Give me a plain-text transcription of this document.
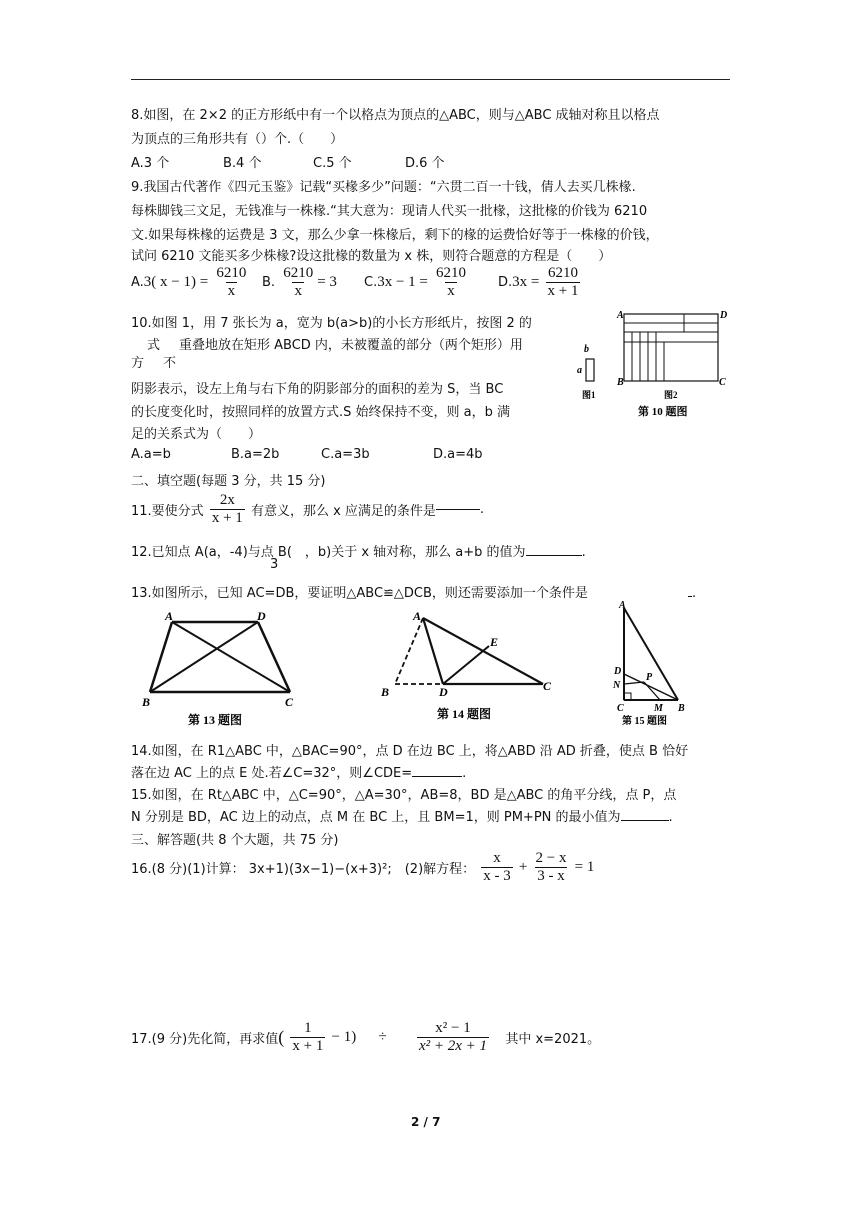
8.如图，在 2×2 的正方形纸中有一个以格点为顶点的△ABC，则与△ABC 成轴对称且以格点
为顶点的三角形共有（）个.（　　）
A.3 个	B.4 个	C.5 个	D.6 个
9.我国古代著作《四元玉鉴》记载“买椽多少”问题：“六贯二百一十钱，倩人去买几株椽.
每株脚钱三文足，无钱准与一株椽.“其大意为：现请人代买一批椽，这批椽的价钱为 6210
文.如果每株椽的运费是 3 文，那么少拿一株椽后，剩下的椽的运费恰好等于一株椽的价钱，
试问 6210 文能买多少株椽?设这批椽的数量为 x 株，则符合题意的方程是（　　）
A.3( $x - 1) = \frac{6210}{x} B$. $\frac{6210}{x} = 3$ $C.3x - 1 = \frac{6210}{x} D.3x = \frac{6210}{x + 1}$
10.如图 1，用 7 张长为 a，宽为 b(a>b)的小长方形纸片，按图 2 的
式 重叠地放在矩形 ABCD 内，未被覆盖的部分（两个矩形）用
方 不
阴影表示，设左上角与右下角的阴影部分的面积的差为 S，当 BC
的长度变化时，按照同样的放置方式.S 始终保持不变，则 a，b 满
足的关系式为（　　）
A.a=b	B.a=2b	C.a=3b	D.a=4b
b
a
图1
A	D
B	C
图2
第 10 题图
二、填空题(每题 3 分，共 15 分)
11.要使分式 $\frac{2x}{x + 1}$ 有意义，那么 x 应满足的条件是	.
12.已知点 A(a，-4)与点 B(　，b)关于 x 轴对称，那么 a+b 的值为	.
3
13.如图所示，已知 AC=DB，要证明△ABC≌△DCB，则还需要添加一个条件是	.
A	D
B	C
第 13 题图
A
E
B	D	C
第 14 题图
A
D
N
P
C	M B
第 15 题图
14.如图，在 R1△ABC 中，△BAC=90°，点 D 在边 BC 上，将△ABD 沿 AD 折叠，使点 B 恰好
落在边 AC 上的点 E 处.若∠C=32°，则∠CDE=	.
15.如图，在 Rt△ABC 中，△C=90°，△A=30°，AB=8，BD 是△ABC 的角平分线，点 P，点
N 分别是 BD，AC 边上的动点，点 M 在 BC 上，且 BM=1，则 PM+PN 的最小值为	.
三、解答题(共 8 个大题，共 75 分)
16.(8 分)(1)计算： 3x+1)(3x−1)−(x+3)²;　(2)解方程： $\frac{x}{x - 3} + \frac{2 - x}{3 - x} = 1$
17.(9 分)先化简，再求值( $\frac{1}{x + 1} - 1) \div \frac{\text{x² − 1}}{\text{x² + 2x + 1}}$ 其中 x=2021。
2 / 7
